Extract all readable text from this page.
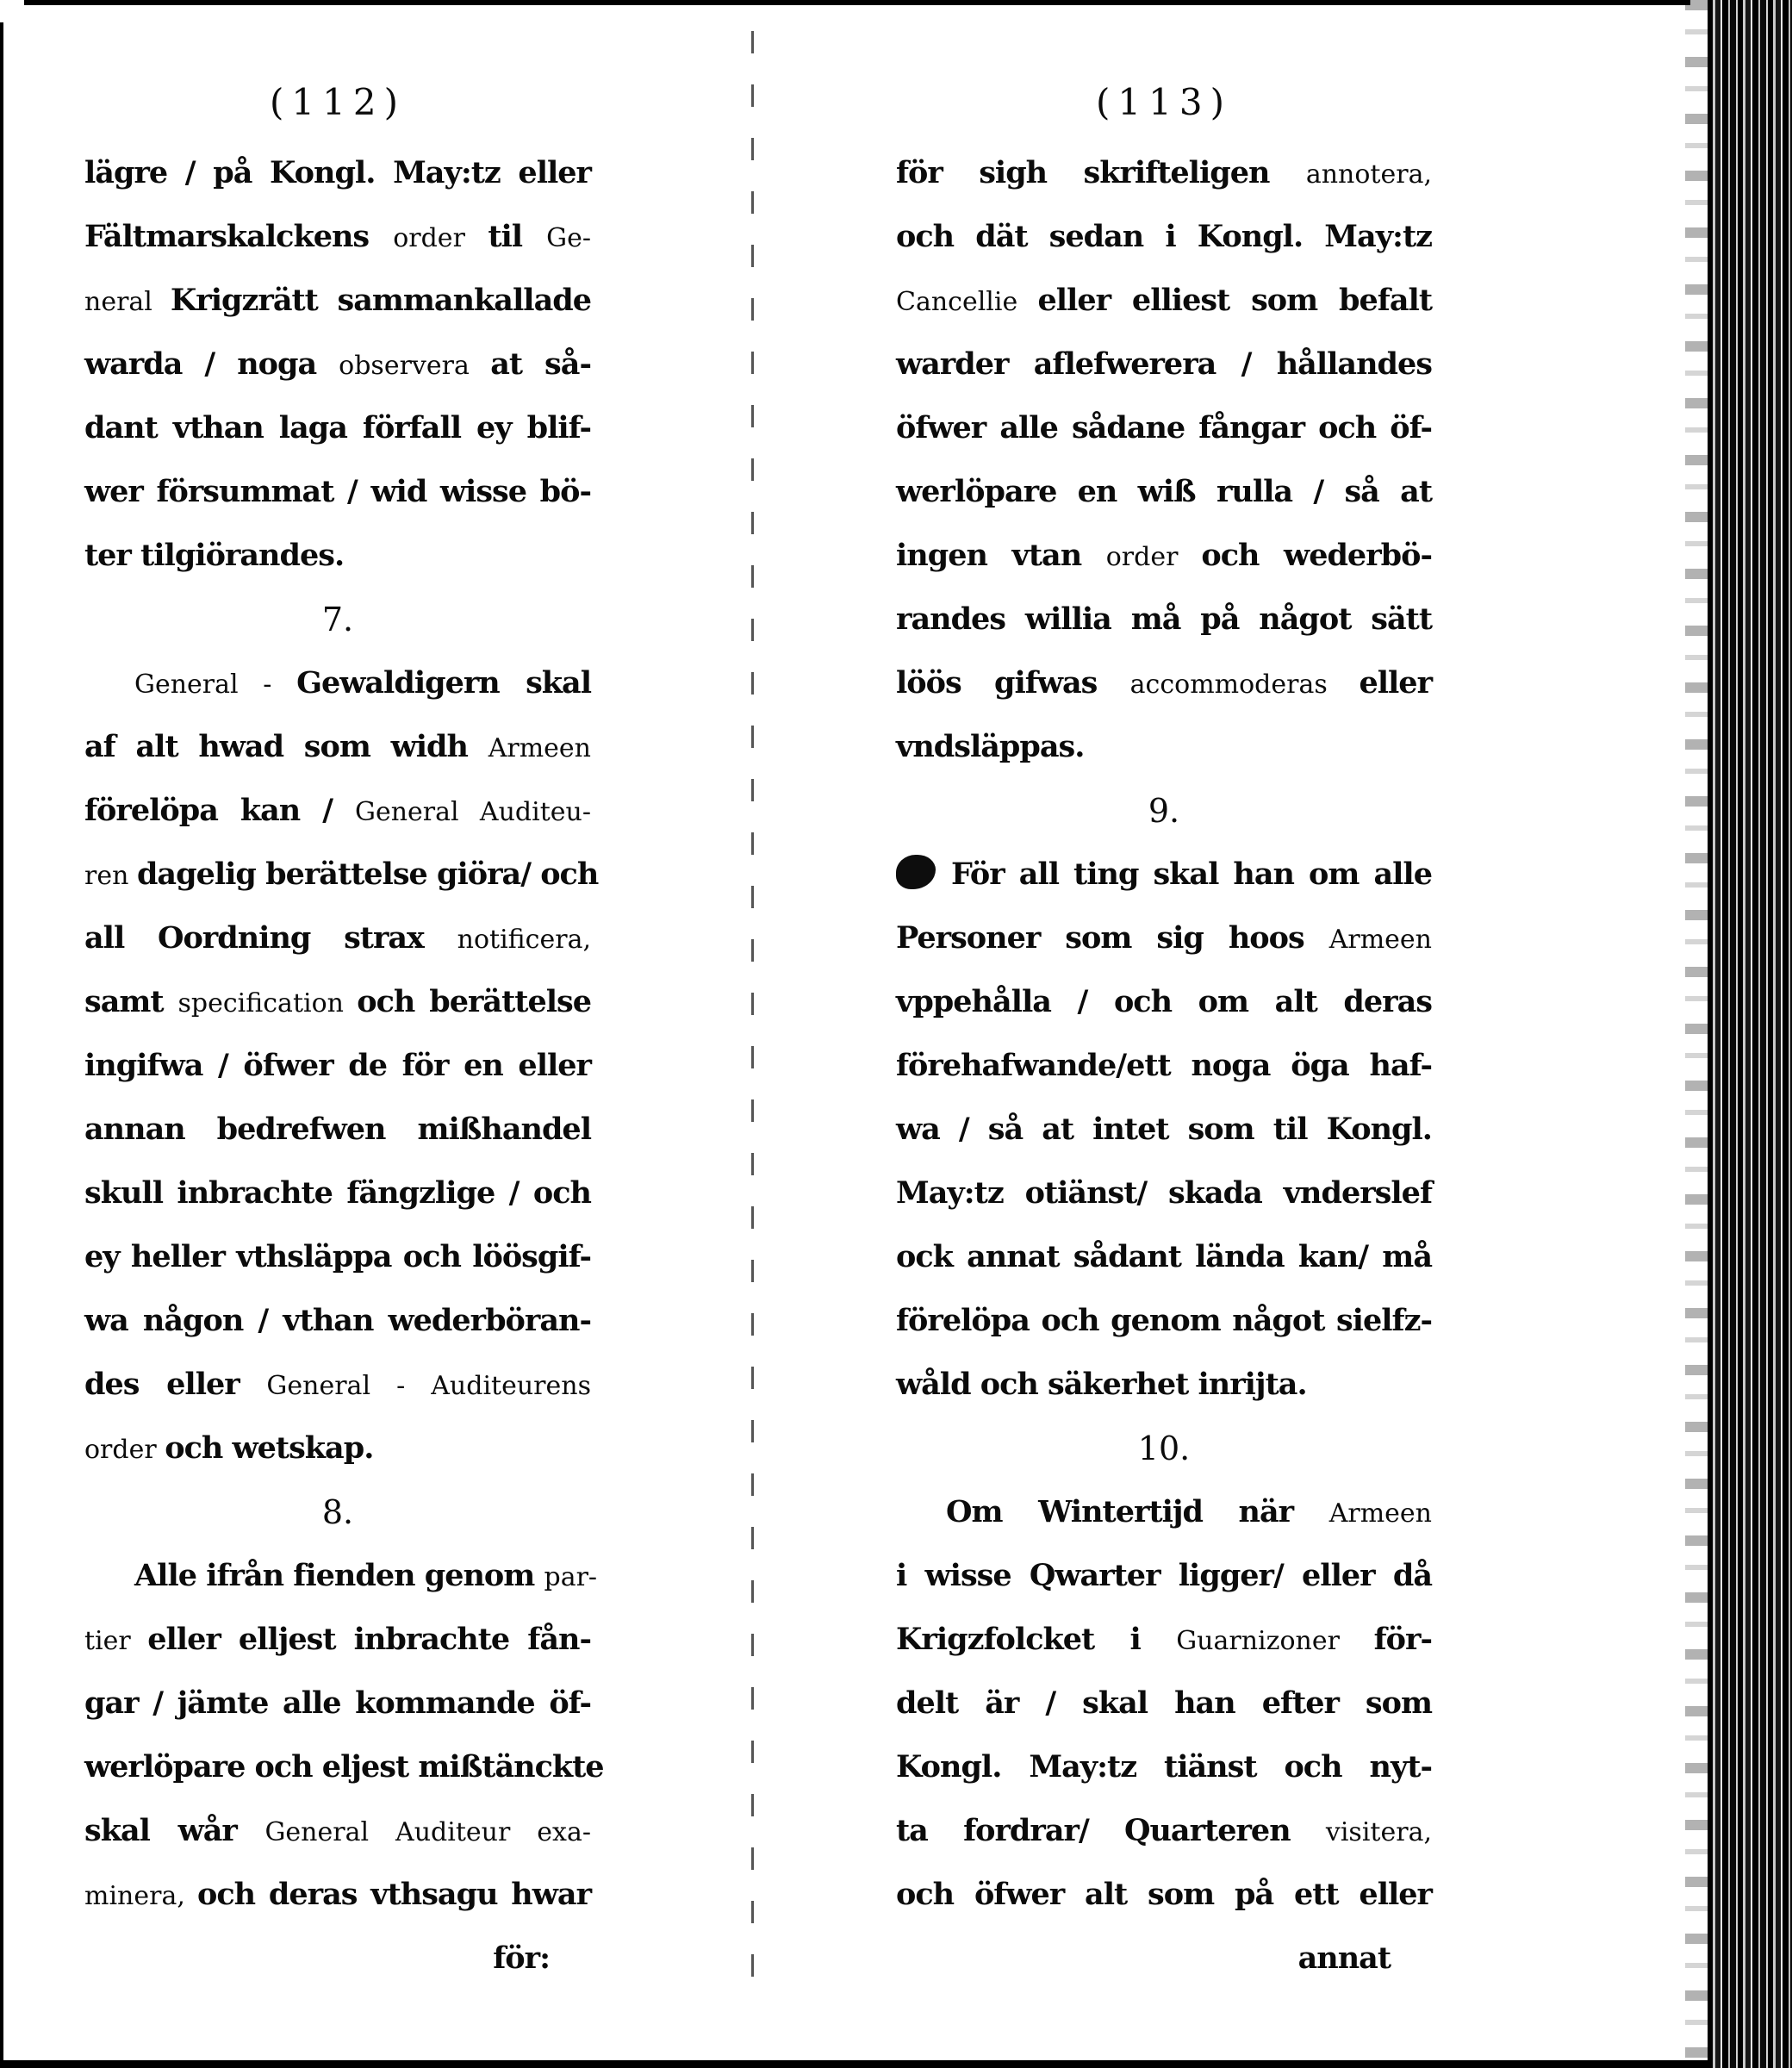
(112)
lägre / på Kongl. May:tz eller
Fältmarskalckens order til Ge-
neral Krigzrätt sammankallade
warda / noga observera at så-
dant vthan laga förfall ey blif-
wer försummat / wid wisse bö-
ter tilgiörandes.
7.
General - Gewaldigern skal
af alt hwad som widh Armeen
förelöpa kan / General Auditeu-
ren dagelig berättelse giöra/ och
all Oordning strax notificera,
samt specification och berättelse
ingifwa / öfwer de för en eller
annan bedrefwen mißhandel
skull inbrachte fängzlige / och
ey heller vthsläppa och löösgif-
wa någon / vthan wederböran-
des eller General - Auditeurens
order och wetskap.
8.
Alle ifrån fienden genom par-
tier eller elljest inbrachte fån-
gar / jämte alle kommande öf-
werlöpare och eljest mißtänckte
skal wår General Auditeur exa-
minera, och deras vthsagu hwar
för:
(113)
för sigh skrifteligen annotera,
och dät sedan i Kongl. May:tz
Cancellie eller elliest som befalt
warder aflefwerera / hållandes
öfwer alle sådane fångar och öf-
werlöpare en wiß rulla / så at
ingen vtan order och wederbö-
randes willia må på något sätt
löös gifwas accommoderas eller
vndsläppas.
9.
För all ting skal han om alle
Personer som sig hoos Armeen
vppehålla / och om alt deras
förehafwande/ett noga öga haf-
wa / så at intet som til Kongl.
May:tz otiänst/ skada vnderslef
ock annat sådant lända kan/ må
förelöpa och genom något sielfz-
wåld och säkerhet inrijta.
10.
Om Wintertijd när Armeen
i wisse Qwarter ligger/ eller då
Krigzfolcket i Guarnizoner för-
delt är / skal han efter som
Kongl. May:tz tiänst och nyt-
ta fordrar/ Quarteren visitera,
och öfwer alt som på ett eller
annat
